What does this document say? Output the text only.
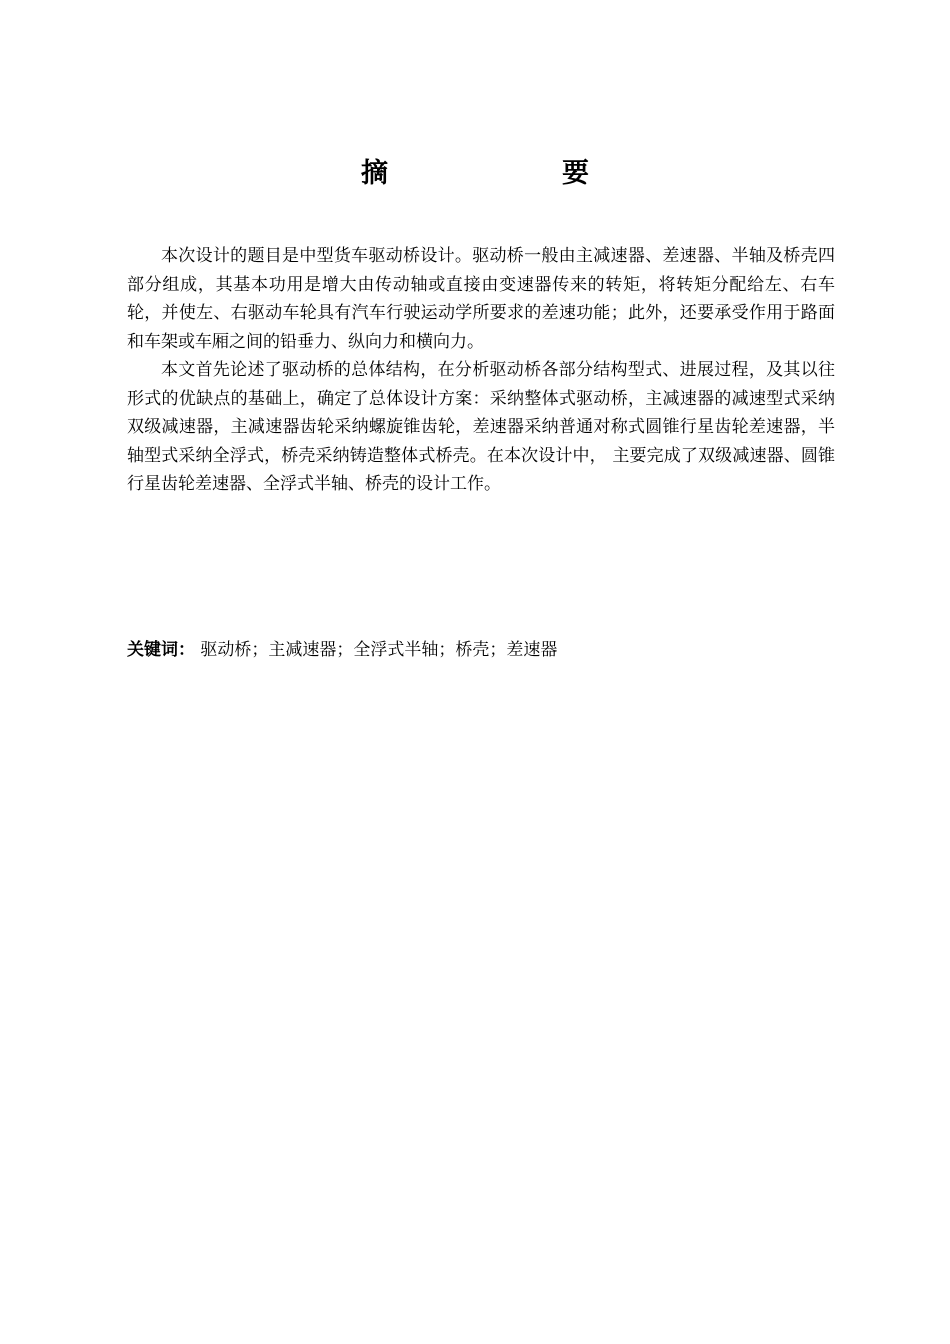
摘　　要

本次设计的题目是中型货车驱动桥设计。驱动桥一般由主减速器、差速器、半轴及桥壳四部分组成，其基本功用是增大由传动轴或直接由变速器传来的转矩，将转矩分配给左、右车轮，并使左、右驱动车轮具有汽车行驶运动学所要求的差速功能；此外，还要承受作用于路面和车架或车厢之间的铅垂力、纵向力和横向力。

本文首先论述了驱动桥的总体结构，在分析驱动桥各部分结构型式、进展过程，及其以往形式的优缺点的基础上，确定了总体设计方案：采纳整体式驱动桥，主减速器的减速型式采纳双级减速器，主减速器齿轮采纳螺旋锥齿轮，差速器采纳普通对称式圆锥行星齿轮差速器，半轴型式采纳全浮式，桥壳采纳铸造整体式桥壳。在本次设计中， 主要完成了双级减速器、圆锥行星齿轮差速器、全浮式半轴、桥壳的设计工作。

关键词： 驱动桥；主减速器；全浮式半轴；桥壳；差速器
